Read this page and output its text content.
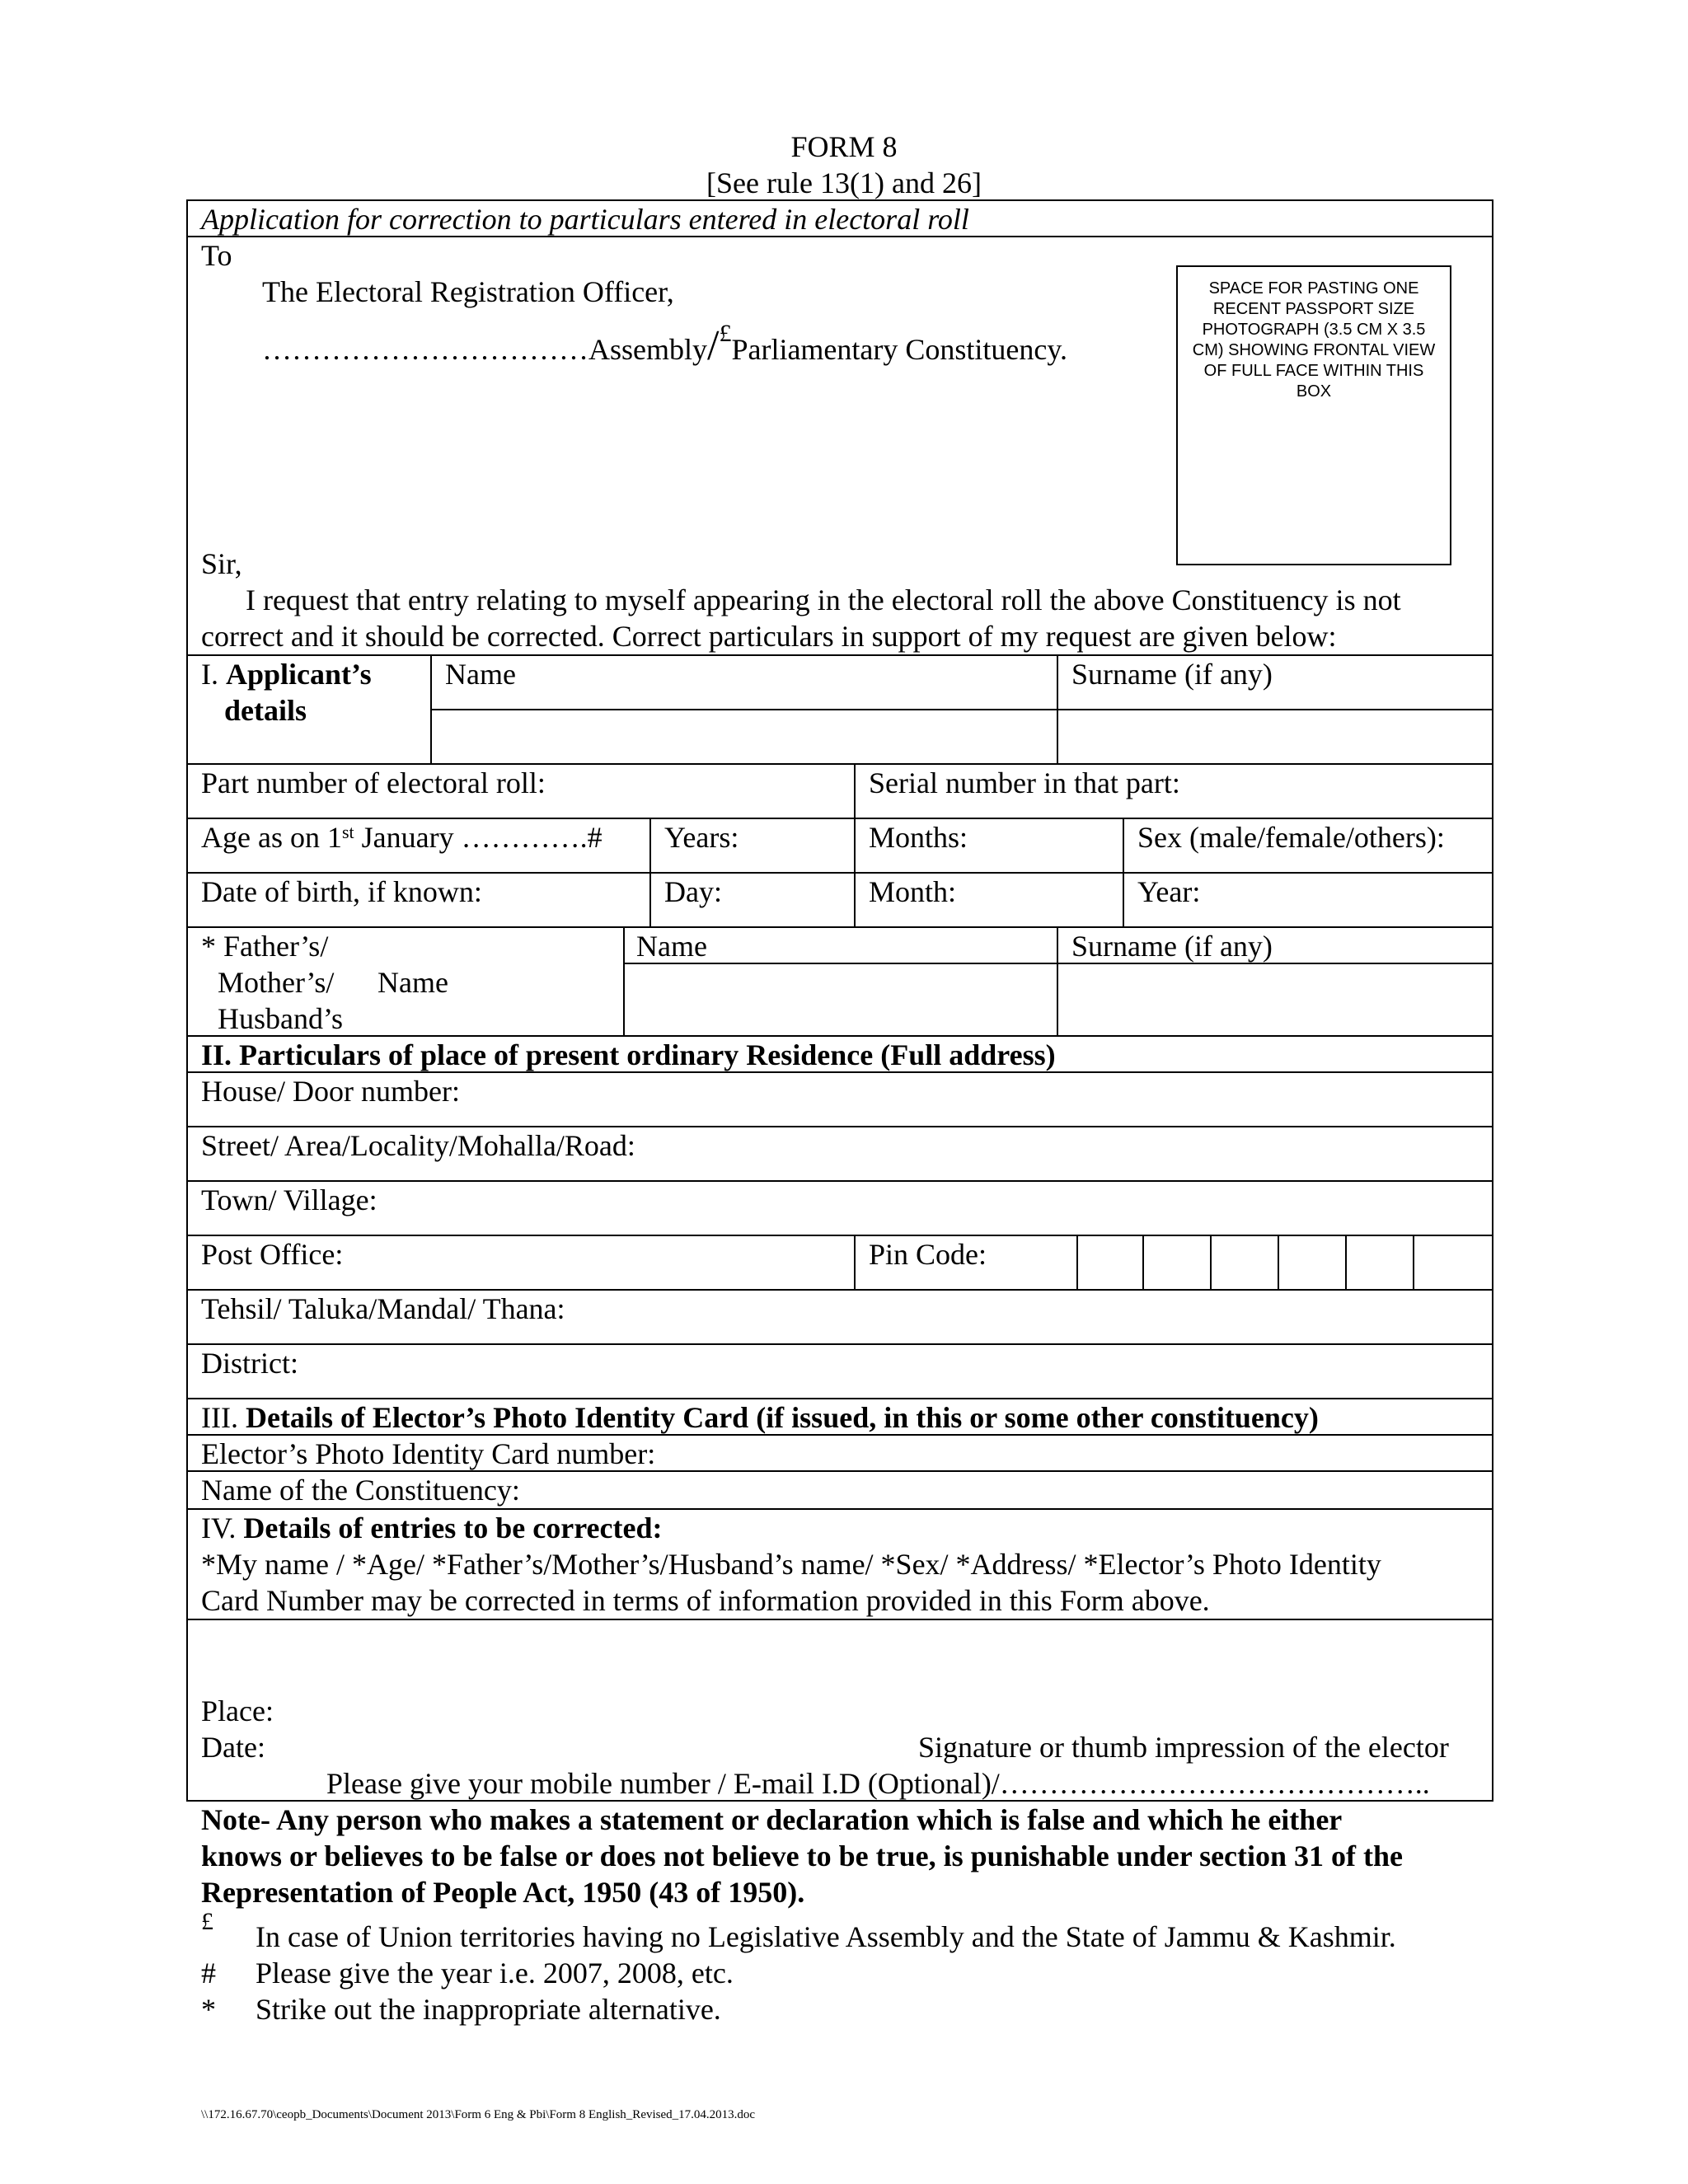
FORM 8
[See rule 13(1) and 26]
Application for correction to particulars entered in electoral roll
To
The Electoral Registration Officer,
……………………………Assembly/£Parliamentary Constituency.
SPACE FOR PASTING ONE RECENT PASSPORT SIZE PHOTOGRAPH (3.5 CM X 3.5 CM) SHOWING FRONTAL VIEW OF FULL FACE WITHIN THIS BOX
Sir,
I request that entry relating to myself appearing in the electoral roll the above Constituency is not
correct and it should be corrected. Correct particulars in support of my request are given below:
I. Applicant’s
details
Name	Surname (if any)
Part number of electoral roll:	Serial number in that part:
Age as on 1st January ………….# Years:	Months:	Sex (male/female/others):
Date of birth, if known:	Day:	Month:	Year:
* Father’s/
Mother’s/ Name
Husband’s
Name	Surname (if any)
II. Particulars of place of present ordinary Residence (Full address)
House/ Door number:
Street/ Area/Locality/Mohalla/Road:
Town/ Village:
Post Office:	Pin Code:
Tehsil/ Taluka/Mandal/ Thana:
District:
III. Details of Elector’s Photo Identity Card (if issued, in this or some other constituency)
Elector’s Photo Identity Card number:
Name of the Constituency:
IV. Details of entries to be corrected:
*My name / *Age/ *Father’s/Mother’s/Husband’s name/ *Sex/ *Address/ *Elector’s Photo Identity
Card Number may be corrected in terms of information provided in this Form above.
Place:
Date:	Signature or thumb impression of the elector
Please give your mobile number / E-mail I.D (Optional)/……………………………………..
Note- Any person who makes a statement or declaration which is false and which he either
knows or believes to be false or does not believe to be true, is punishable under section 31 of the
Representation of People Act, 1950 (43 of 1950).
£ In case of Union territories having no Legislative Assembly and the State of Jammu & Kashmir.
# Please give the year i.e. 2007, 2008, etc.
* Strike out the inappropriate alternative.
\\172.16.67.70\ceopb_Documents\Document 2013\Form 6 Eng & Pbi\Form 8 English_Revised_17.04.2013.doc
